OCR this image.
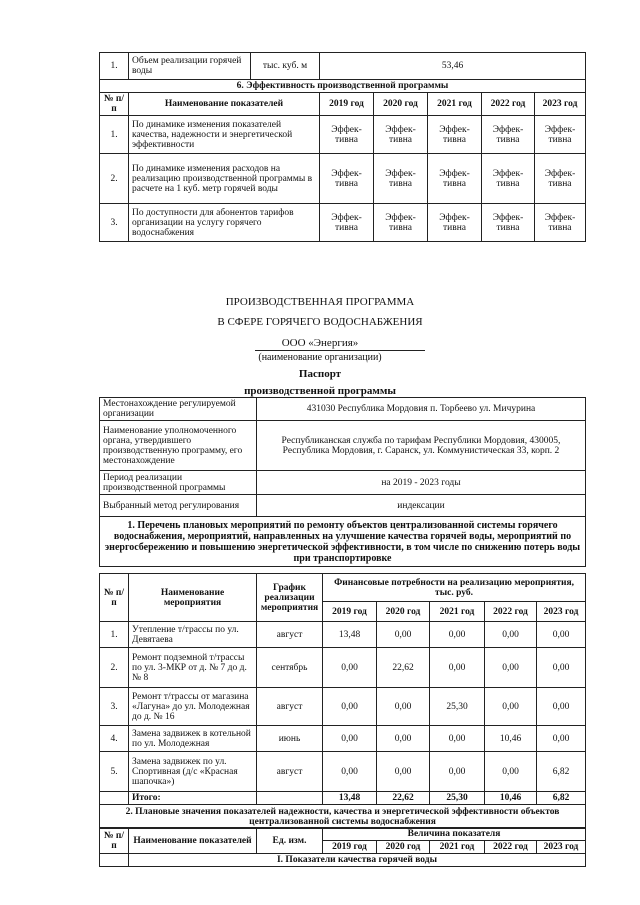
1.	Объем реализации горячей воды	тыс. куб. м	53,46				
6. Эффективность производственной программы							
№ п/п	Наименование показателей		2019 год	2020 год	2021 год	2022 год	2023 год
1.	По динамике изменения показателей качества, надежности и энергетической эффективности		Эффек-тивна	Эффек-тивна	Эффек-тивна	Эффек-тивна	Эффек-тивна
2.	По динамике изменения расходов на реализацию производственной программы в расчете на 1 куб. метр горячей воды		Эффек-тивна	Эффек-тивна	Эффек-тивна	Эффек-тивна	Эффек-тивна
3.	По доступности для абонентов тарифов организации на услугу горячего водоснабжения		Эффек-тивна	Эффек-тивна	Эффек-тивна	Эффек-тивна	Эффек-тивна
ПРОИЗВОДСТВЕННАЯ ПРОГРАММА
В СФЕРЕ ГОРЯЧЕГО ВОДОСНАБЖЕНИЯ
ООО «Энергия»
(наименование организации)
Паспорт
производственной программы
Местонахождение регулируемой организации	431030 Республика Мордовия п. Торбеево ул. Мичурина
Наименование уполномоченного органа, утвердившего производственную программу, его местонахождение	Республиканская служба по тарифам Республики Мордовия, 430005, Республика Мордовия, г. Саранск, ул. Коммунистическая 33, корп. 2
Период реализации производственной программы	на 2019 - 2023 годы
Выбранный метод регулирования	индексации
1. Перечень плановых мероприятий по ремонту объектов централизованной системы горячего водоснабжения, мероприятий, направленных на улучшение качества горячей воды, мероприятий по энергосбережению и повышению энергетической эффективности, в том числе по снижению потерь воды при транспортировке	
№ п/п	Наименование мероприятия	График реализации мероприятия	Финансовые потребности на реализацию мероприятия, тыс. руб.				
			2019 год	2020 год	2021 год	2022 год	2023 год
1.	Утепление т/трассы по ул. Девятаева	август	13,48	0,00	0,00	0,00	0,00
2.	Ремонт подземной т/трассы по ул. 3-МКР от д. № 7 до д. № 8	сентябрь	0,00	22,62	0,00	0,00	0,00
3.	Ремонт т/трассы от магазина «Лагуна» до ул. Молодежная до д. № 16	август	0,00	0,00	25,30	0,00	0,00
4.	Замена задвижек в котельной по ул. Молодежная	июнь	0,00	0,00	0,00	10,46	0,00
5.	Замена задвижек по ул. Спортивная (д/с «Красная шапочка»)	август	0,00	0,00	0,00	0,00	6,82
	Итого:		13,48	22,62	25,30	10,46	6,82
2. Плановые значения показателей надежности, качества и энергетической эффективности объектов централизованной системы водоснабжения							
№ п/п	Наименование показателей	Ед. изм.	Величина показателя				
			2019 год	2020 год	2021 год	2022 год	2023 год
	I. Показатели качества горячей воды						
